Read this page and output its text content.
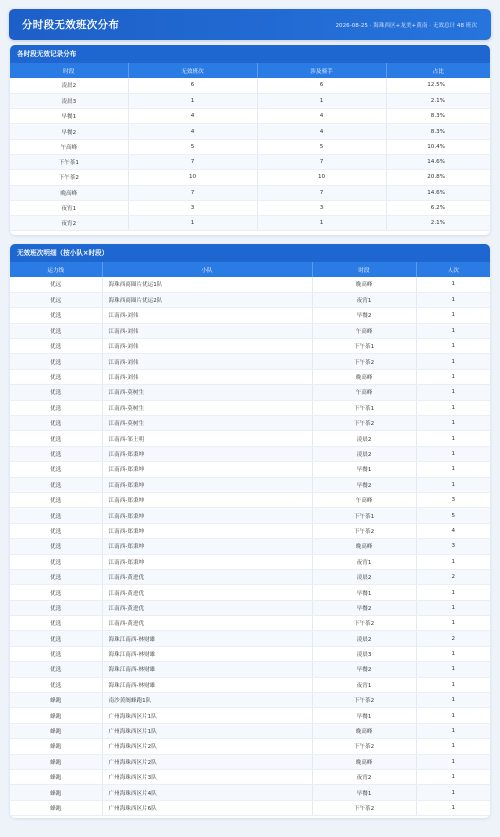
分时段无效班次分布	2026-08-25 · 海珠西区+龙美+黄南 · 无效总计 48 班次
各时段无效记录分布
时段	无效班次	涉及骑手	占比
凌晨2	6	6	12.5%
凌晨3	1	1	2.1%
早餐1	4	4	8.3%
早餐2	4	4	8.3%
午高峰	5	5	10.4%
下午茶1	7	7	14.6%
下午茶2	10	10	20.8%
晚高峰	7	7	14.6%
夜宵1	3	3	6.2%
夜宵2	1	1	2.1%
无效班次明细（按小队×时段）
运力线	小队	时段	人次
优远	海珠西商圈片优运1队	晚高峰	1
优远	海珠西商圈片优运2队	夜宵1	1
优选	江南西-刘伟	早餐2	1
优选	江南西-刘伟	午高峰	1
优选	江南西-刘伟	下午茶1	1
优选	江南西-刘伟	下午茶2	1
优选	江南西-刘伟	晚高峰	1
优选	江南西-莫树生	午高峰	1
优选	江南西-莫树生	下午茶1	1
优选	江南西-莫树生	下午茶2	1
优选	江南西-邹土明	凌晨2	1
优选	江南西-郑秉坤	凌晨2	1
优选	江南西-郑秉坤	早餐1	1
优选	江南西-郑秉坤	早餐2	1
优选	江南西-郑秉坤	午高峰	3
优选	江南西-郑秉坤	下午茶1	5
优选	江南西-郑秉坤	下午茶2	4
优选	江南西-郑秉坤	晚高峰	3
优选	江南西-郑秉坤	夜宵1	1
优选	江南西-黄进优	凌晨2	2
优选	江南西-黄进优	早餐1	1
优选	江南西-黄进优	早餐2	1
优选	江南西-黄进优	下午茶2	1
优选	海珠江南西-林财雄	凌晨2	2
优选	海珠江南西-林财雄	凌晨3	1
优选	海珠江南西-林财雄	早餐2	1
优选	海珠江南西-林财雄	夜宵1	1
蜂跑	南沙黄阁蜂跑1队	下午茶2	1
蜂跑	广州海珠西区片1队	早餐1	1
蜂跑	广州海珠西区片1队	晚高峰	1
蜂跑	广州海珠西区片2队	下午茶2	1
蜂跑	广州海珠西区片2队	晚高峰	1
蜂跑	广州海珠西区片3队	夜宵2	1
蜂跑	广州海珠西区片4队	早餐1	1
蜂跑	广州海珠西区片6队	下午茶2	1
